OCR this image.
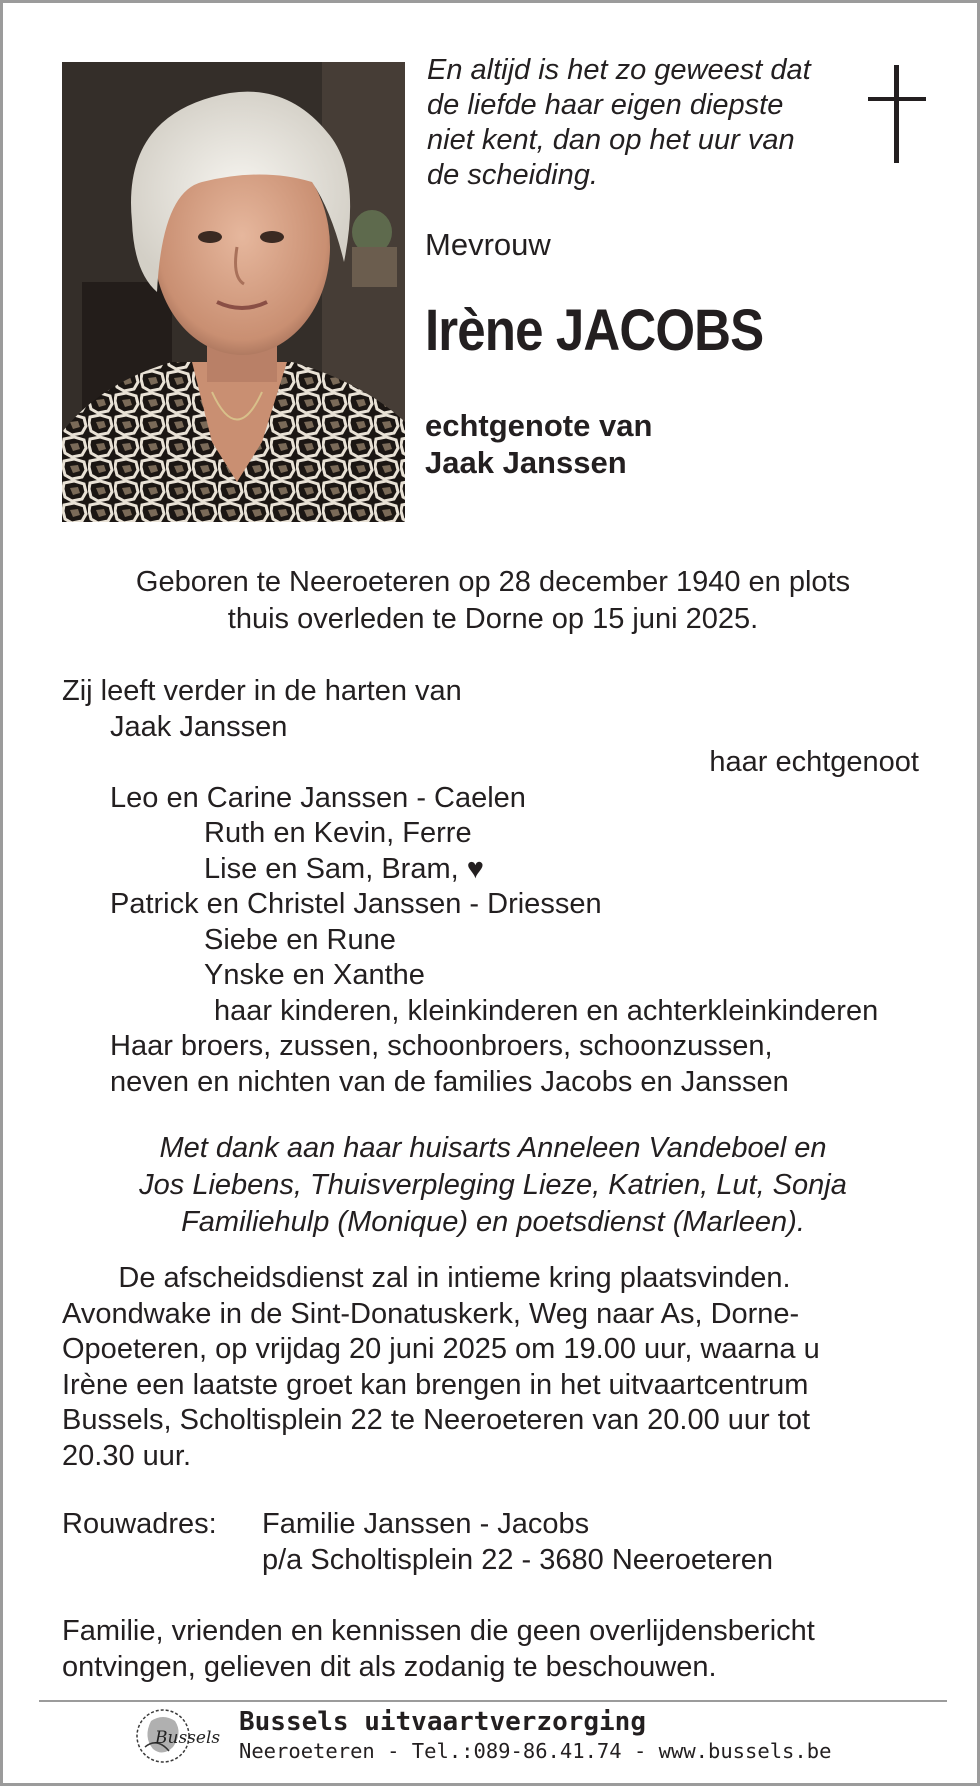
En altijd is het zo geweest dat
de liefde haar eigen diepste
niet kent, dan op het uur van
de scheiding.
Mevrouw
Irène JACOBS
echtgenote van
Jaak Janssen
Geboren te Neeroeteren op 28 december 1940 en plots
thuis overleden te Dorne op 15 juni 2025.
Zij leeft verder in de harten van
Jaak Janssen
haar echtgenoot
Leo en Carine Janssen - Caelen
Ruth en Kevin, Ferre
Lise en Sam, Bram, ♥
Patrick en Christel Janssen - Driessen
Siebe en Rune
Ynske en Xanthe
haar kinderen, kleinkinderen en achterkleinkinderen
Haar broers, zussen, schoonbroers, schoonzussen,
neven en nichten van de families Jacobs en Janssen
Met dank aan haar huisarts Anneleen Vandeboel en
Jos Liebens, Thuisverpleging Lieze, Katrien, Lut, Sonja
Familiehulp (Monique) en poetsdienst (Marleen).
De afscheidsdienst zal in intieme kring plaatsvinden.
Avondwake in de Sint-Donatuskerk, Weg naar As, Dorne-
Opoeteren, op vrijdag 20 juni 2025 om 19.00 uur, waarna u
Irène een laatste groet kan brengen in het uitvaartcentrum
Bussels, Scholtisplein 22 te Neeroeteren van 20.00 uur tot
20.30 uur.
Rouwadres: Familie Janssen - Jacobs
p/a Scholtisplein 22 - 3680 Neeroeteren
Familie, vrienden en kennissen die geen overlijdensbericht
ontvingen, gelieven dit als zodanig te beschouwen.
Bussels
Bussels uitvaartverzorging
Neeroeteren - Tel.:089-86.41.74 - www.bussels.be
